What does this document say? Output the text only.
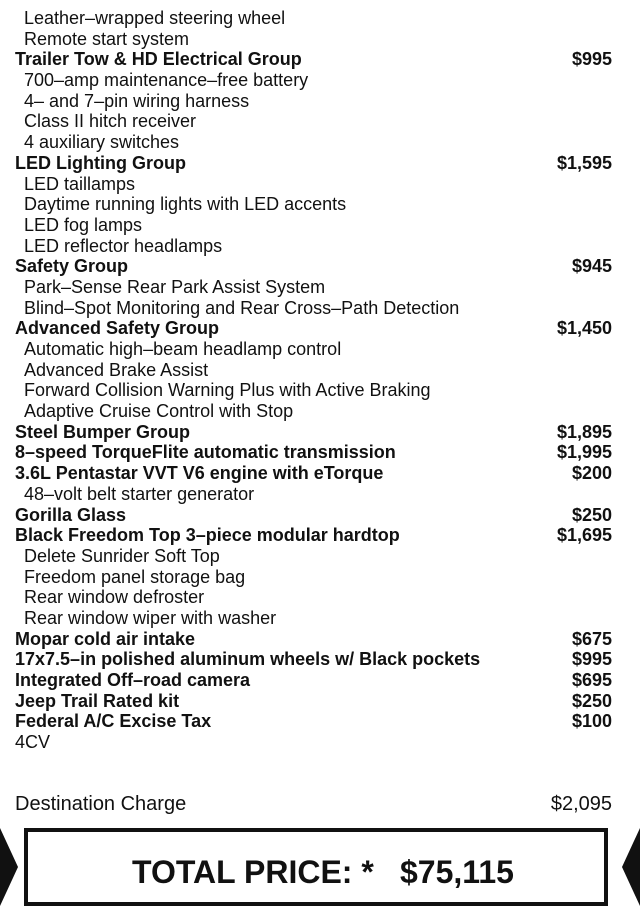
Leather–wrapped steering wheel
Remote start system
Trailer Tow & HD Electrical Group	$995
700–amp maintenance–free battery
4– and 7–pin wiring harness
Class II hitch receiver
4 auxiliary switches
LED Lighting Group	$1,595
LED taillamps
Daytime running lights with LED accents
LED fog lamps
LED reflector headlamps
Safety Group	$945
Park–Sense Rear Park Assist System
Blind–Spot Monitoring and Rear Cross–Path Detection
Advanced Safety Group	$1,450
Automatic high–beam headlamp control
Advanced Brake Assist
Forward Collision Warning Plus with Active Braking
Adaptive Cruise Control with Stop
Steel Bumper Group	$1,895
8–speed TorqueFlite automatic transmission	$1,995
3.6L Pentastar VVT V6 engine with eTorque	$200
48–volt belt starter generator
Gorilla Glass	$250
Black Freedom Top 3–piece modular hardtop	$1,695
Delete Sunrider Soft Top
Freedom panel storage bag
Rear window defroster
Rear window wiper with washer
Mopar cold air intake	$675
17x7.5–in polished aluminum wheels w/ Black pockets	$995
Integrated Off–road camera	$695
Jeep Trail Rated kit	$250
Federal A/C Excise Tax	$100
4CV
Destination Charge	$2,095
TOTAL PRICE: * $75,115
